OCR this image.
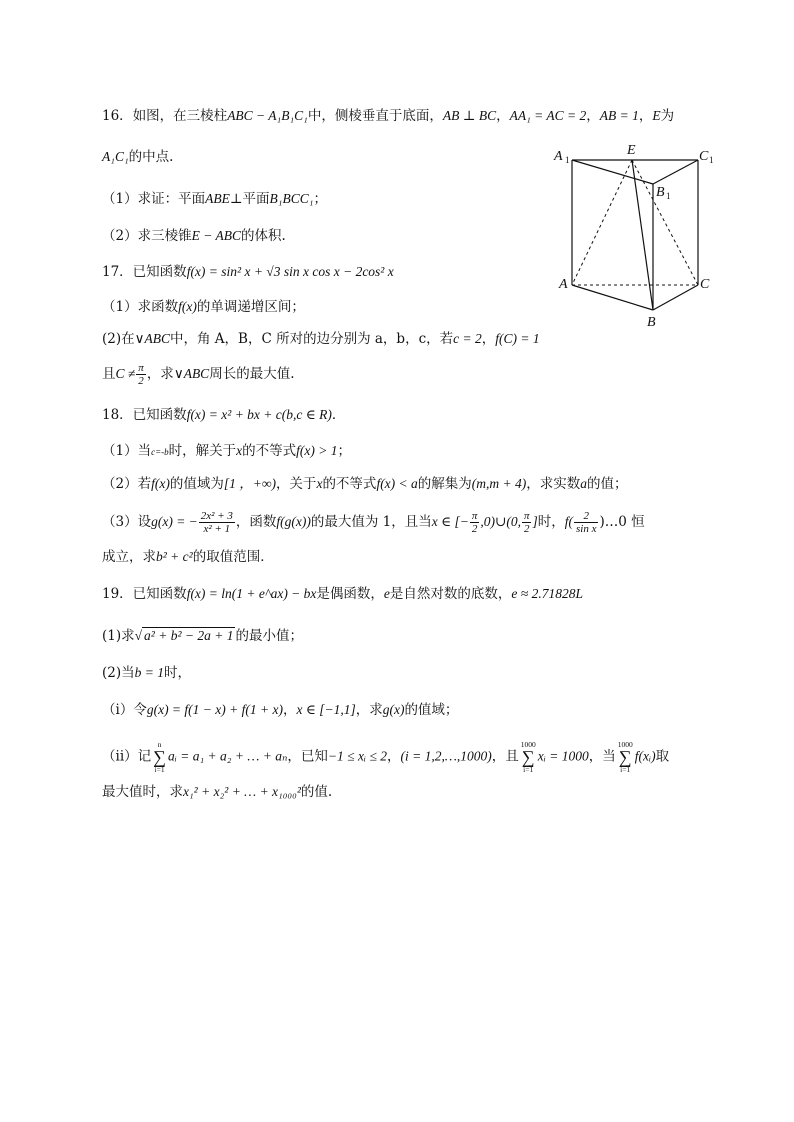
16．如图，在三棱柱ABC − A₁B₁C₁中，侧棱垂直于底面，AB ⊥ BC，AA₁ = AC = 2，AB = 1，E为
A₁C₁的中点.
（1）求证：平面ABE⊥平面B₁BCC₁；
（2）求三棱锥E − ABC的体积.
A 1
E	C 1
B 1
A	C
B
17．已知函数f(x) = sin² x + √3 sin x cos x − 2cos² x
（1）求函数f(x)的单调递增区间；
(2)在∨ABC中，角 A，B，C 所对的边分别为 a，b，c，若c = 2，f(C) = 1
且$C \ne \frac{\pi}{2}$ ，求∨ABC周长的最大值.
18．已知函数f(x) = x² + bx + c(b,c ∈ R)．
（1）当c=-b时，解关于x的不等式f(x) > 1；
（2）若f(x)的值域为[1 ，+∞)，关于x的不等式f(x) < a的解集为(m,m + 4)，求实数a的值；
（3）设g(x) = − $\frac{\text{2x² + 3}}{\text{x² + 1}}$ ，函数f(g(x))的最大值为 1，且当x ∈ [− $\frac{\pi}{2}$ ,0)∪(0, $\frac{\pi}{2}$ ]时，$f( \frac{2}{\text{sin x}}$ )…0 恒
成立，求b² + c²的取值范围．
19．已知函数f(x) = ln(1 + e^ax) − bx是偶函数，e是自然对数的底数，e ≈ 2.71828L
(1)求√ a² + b² − 2a + 1 的最小值；
(2)当b = 1时，
（i）令g(x) = f(1 − x) + f(1 + x)，x ∈ [−1,1]，求g(x)的值域；
（ii）记
n
∑
i=1
aᵢ = a₁ + a₂ + … + aₙ，已知−1 ≤ xᵢ ≤ 2，(i = 1,2,…,1000)，且
1000
∑
i=1
xᵢ = 1000，当
1000
∑
i=1
f(xᵢ)取
最大值时，求x₁² + x₂² + … + x₁₀₀₀²的值.
